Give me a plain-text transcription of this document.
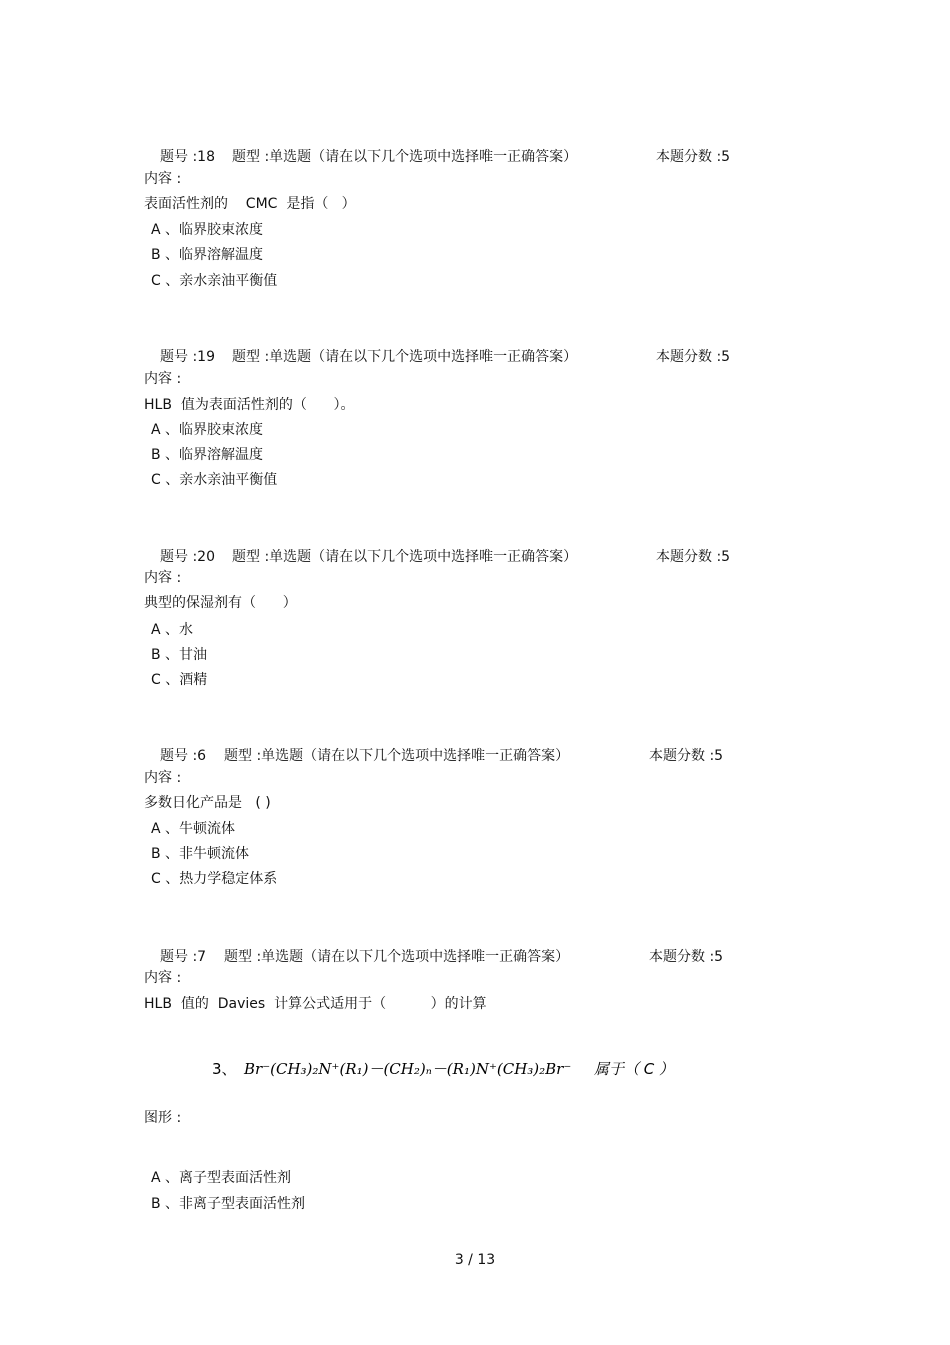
题号 :18 题型 :单选题（请在以下几个选项中选择唯一正确答案）	本题分数 :5
内容 :
表面活性剂的    CMC  是指（   ）
A 、临界胶束浓度
B 、临界溶解温度
C 、亲水亲油平衡值
题号 :19 题型 :单选题（请在以下几个选项中选择唯一正确答案）	本题分数 :5
内容 :
HLB  值为表面活性剂的（      ）。
A 、临界胶束浓度
B 、临界溶解温度
C 、亲水亲油平衡值
题号 :20 题型 :单选题（请在以下几个选项中选择唯一正确答案）	本题分数 :5
内容 :
典型的保湿剂有（      ）
A 、水
B 、甘油
C 、酒精
题号 :6 题型 :单选题（请在以下几个选项中选择唯一正确答案）	本题分数 :5
内容 :
多数日化产品是   ( )
A 、牛顿流体
B 、非牛顿流体
C 、热力学稳定体系
题号 :7 题型 :单选题（请在以下几个选项中选择唯一正确答案）	本题分数 :5
内容 :
HLB  值的  Davies  计算公式适用于（          ）的计算
3、 Br⁻(CH₃)₂N⁺(R₁)－(CH₂)ₙ－(R₁)N⁺(CH₃)₂Br⁻ 属于（ C ）
图形 :
A 、离子型表面活性剂
B 、非离子型表面活性剂
3 / 13
